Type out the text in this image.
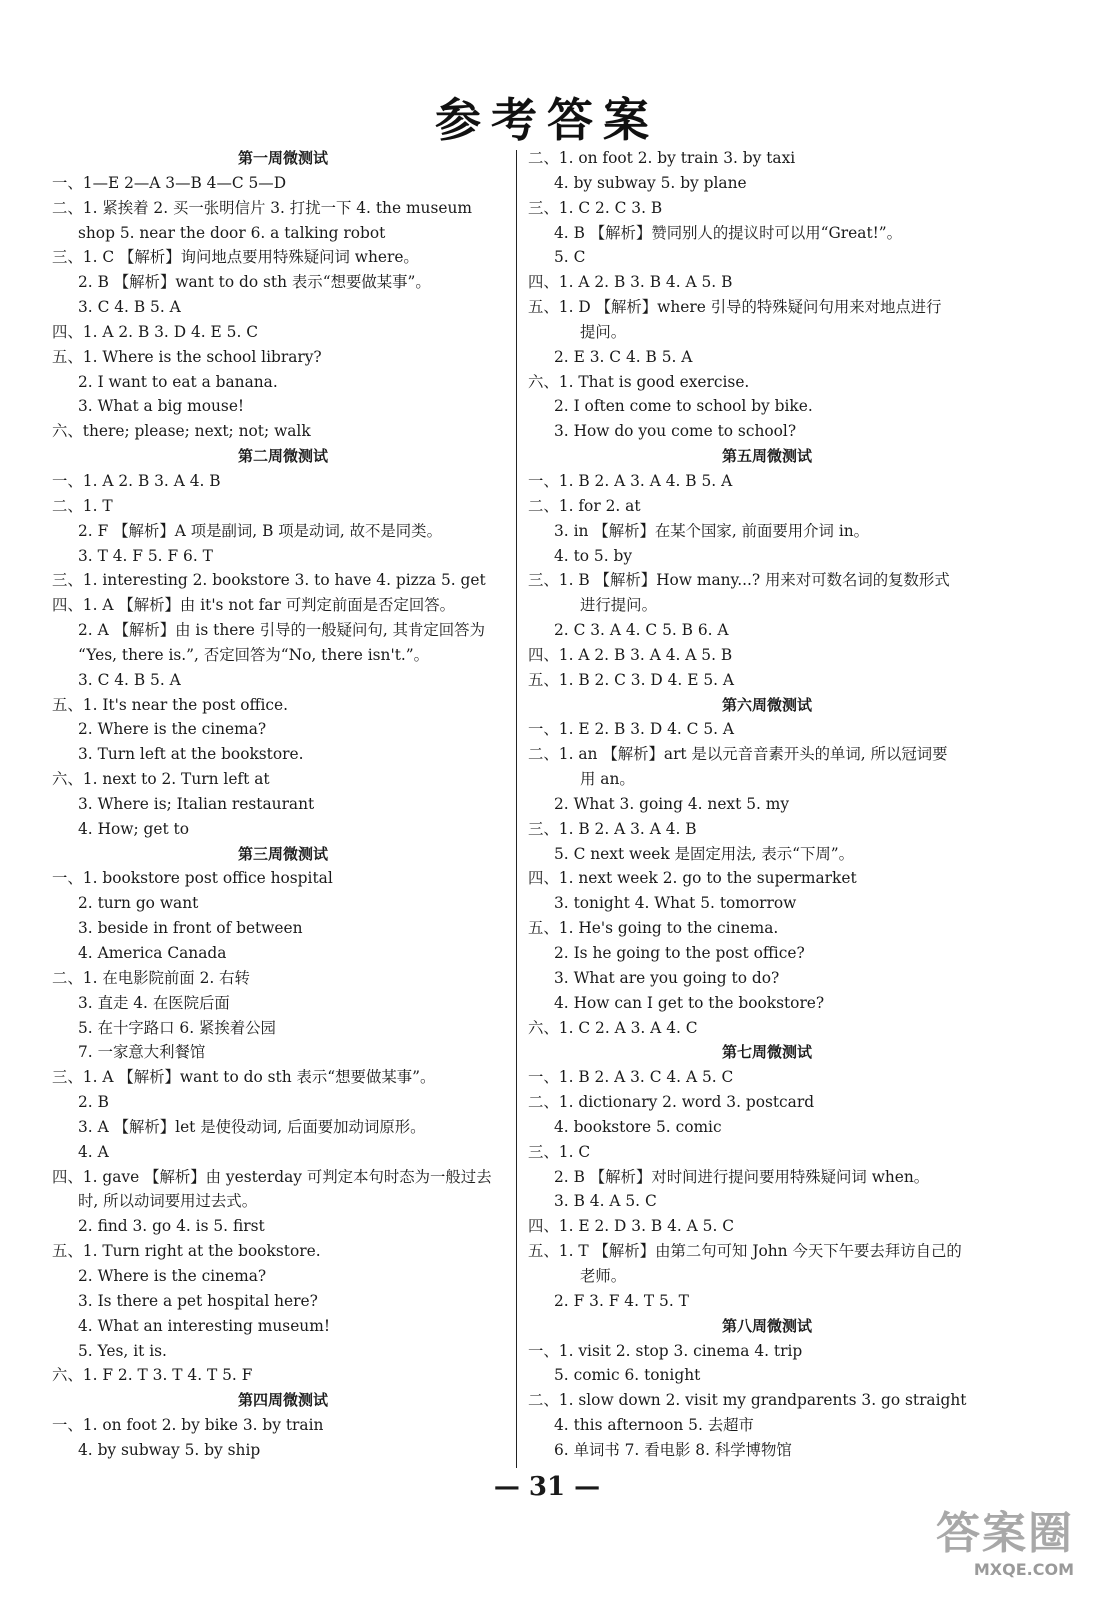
参考答案
第一周微测试
一、1—E 2—A 3—B 4—C 5—D
二、1. 紧挨着 2. 买一张明信片 3. 打扰一下 4. the museum
shop 5. near the door 6. a talking robot
三、1. C 【解析】询问地点要用特殊疑问词 where。
2. B 【解析】want to do sth 表示“想要做某事”。
3. C 4. B 5. A
四、1. A 2. B 3. D 4. E 5. C
五、1. Where is the school library?
2. I want to eat a banana.
3. What a big mouse!
六、there; please; next; not; walk
第二周微测试
一、1. A 2. B 3. A 4. B
二、1. T
2. F 【解析】A 项是副词, B 项是动词, 故不是同类。
3. T 4. F 5. F 6. T
三、1. interesting 2. bookstore 3. to have 4. pizza 5. get
四、1. A 【解析】由 it's not far 可判定前面是否定回答。
2. A 【解析】由 is there 引导的一般疑问句, 其肯定回答为
“Yes, there is.”, 否定回答为“No, there isn't.”。
3. C 4. B 5. A
五、1. It's near the post office.
2. Where is the cinema?
3. Turn left at the bookstore.
六、1. next to 2. Turn left at
3. Where is; Italian restaurant
4. How; get to
第三周微测试
一、1. bookstore post office hospital
2. turn go want
3. beside in front of between
4. America Canada
二、1. 在电影院前面 2. 右转
3. 直走 4. 在医院后面
5. 在十字路口 6. 紧挨着公园
7. 一家意大利餐馆
三、1. A 【解析】want to do sth 表示“想要做某事”。
2. B
3. A 【解析】let 是使役动词, 后面要加动词原形。
4. A
四、1. gave 【解析】由 yesterday 可判定本句时态为一般过去
时, 所以动词要用过去式。
2. find 3. go 4. is 5. first
五、1. Turn right at the bookstore.
2. Where is the cinema?
3. Is there a pet hospital here?
4. What an interesting museum!
5. Yes, it is.
六、1. F 2. T 3. T 4. T 5. F
第四周微测试
一、1. on foot 2. by bike 3. by train
4. by subway 5. by ship
二、1. on foot 2. by train 3. by taxi
4. by subway 5. by plane
三、1. C 2. C 3. B
4. B 【解析】赞同别人的提议时可以用“Great!”。
5. C
四、1. A 2. B 3. B 4. A 5. B
五、1. D 【解析】where 引导的特殊疑问句用来对地点进行
提问。
2. E 3. C 4. B 5. A
六、1. That is good exercise.
2. I often come to school by bike.
3. How do you come to school?
第五周微测试
一、1. B 2. A 3. A 4. B 5. A
二、1. for 2. at
3. in 【解析】在某个国家, 前面要用介词 in。
4. to 5. by
三、1. B 【解析】How many...? 用来对可数名词的复数形式
进行提问。
2. C 3. A 4. C 5. B 6. A
四、1. A 2. B 3. A 4. A 5. B
五、1. B 2. C 3. D 4. E 5. A
第六周微测试
一、1. E 2. B 3. D 4. C 5. A
二、1. an 【解析】art 是以元音音素开头的单词, 所以冠词要
用 an。
2. What 3. going 4. next 5. my
三、1. B 2. A 3. A 4. B
5. C next week 是固定用法, 表示“下周”。
四、1. next week 2. go to the supermarket
3. tonight 4. What 5. tomorrow
五、1. He's going to the cinema.
2. Is he going to the post office?
3. What are you going to do?
4. How can I get to the bookstore?
六、1. C 2. A 3. A 4. C
第七周微测试
一、1. B 2. A 3. C 4. A 5. C
二、1. dictionary 2. word 3. postcard
4. bookstore 5. comic
三、1. C
2. B 【解析】对时间进行提问要用特殊疑问词 when。
3. B 4. A 5. C
四、1. E 2. D 3. B 4. A 5. C
五、1. T 【解析】由第二句可知 John 今天下午要去拜访自己的
老师。
2. F 3. F 4. T 5. T
第八周微测试
一、1. visit 2. stop 3. cinema 4. trip
5. comic 6. tonight
二、1. slow down 2. visit my grandparents 3. go straight
4. this afternoon 5. 去超市
6. 单词书 7. 看电影 8. 科学博物馆
— 31 —
答案圈
MXQE.COM
